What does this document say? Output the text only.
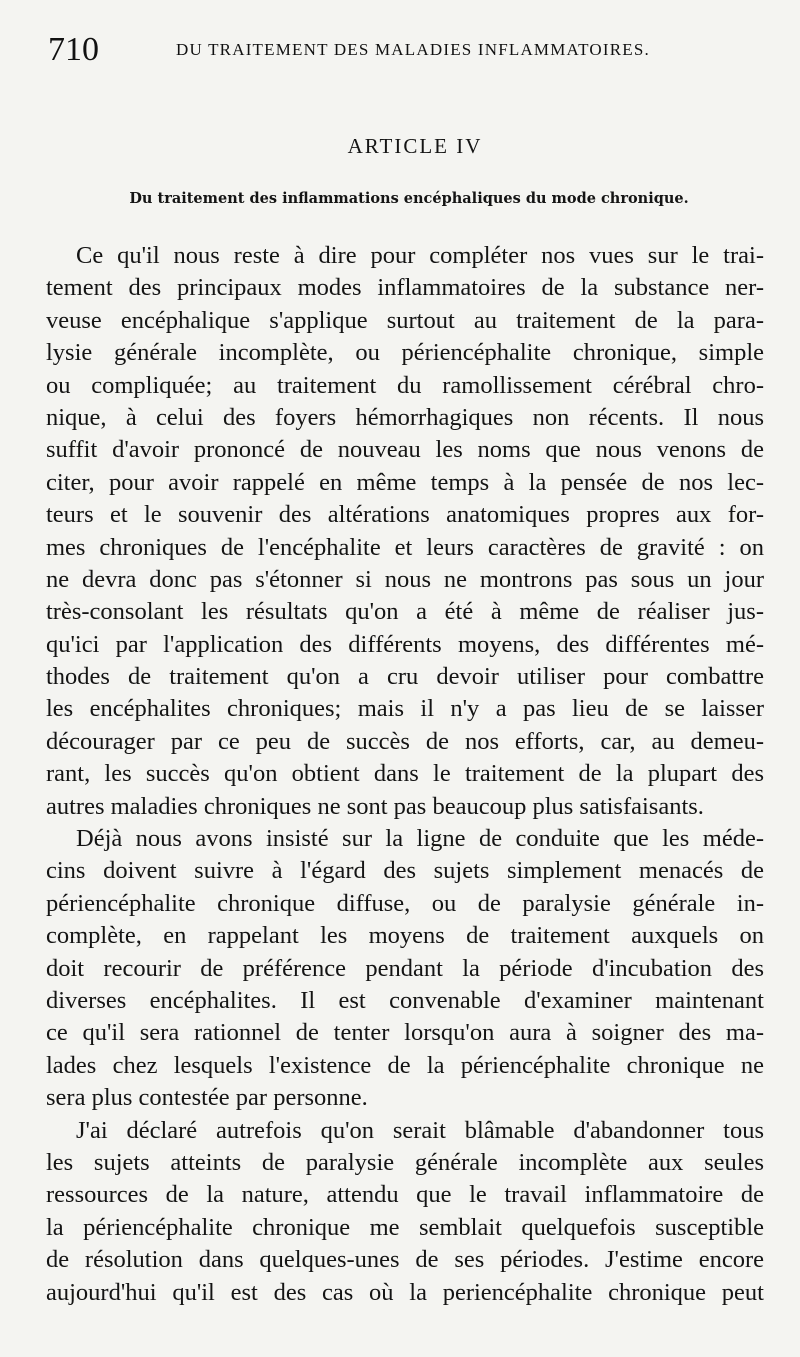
710	DU TRAITEMENT DES MALADIES INFLAMMATOIRES.
ARTICLE IV
Du traitement des inflammations encéphaliques du mode chronique.
Ce qu'il nous reste à dire pour compléter nos vues sur le trai-
tement des principaux modes inflammatoires de la substance ner-
veuse encéphalique s'applique surtout au traitement de la para-
lysie générale incomplète, ou périencéphalite chronique, simple
ou compliquée; au traitement du ramollissement cérébral chro-
nique, à celui des foyers hémorrhagiques non récents. Il nous
suffit d'avoir prononcé de nouveau les noms que nous venons de
citer, pour avoir rappelé en même temps à la pensée de nos lec-
teurs et le souvenir des altérations anatomiques propres aux for-
mes chroniques de l'encéphalite et leurs caractères de gravité : on
ne devra donc pas s'étonner si nous ne montrons pas sous un jour
très-consolant les résultats qu'on a été à même de réaliser jus-
qu'ici par l'application des différents moyens, des différentes mé-
thodes de traitement qu'on a cru devoir utiliser pour combattre
les encéphalites chroniques; mais il n'y a pas lieu de se laisser
décourager par ce peu de succès de nos efforts, car, au demeu-
rant, les succès qu'on obtient dans le traitement de la plupart des
autres maladies chroniques ne sont pas beaucoup plus satisfaisants.
Déjà nous avons insisté sur la ligne de conduite que les méde-
cins doivent suivre à l'égard des sujets simplement menacés de
périencéphalite chronique diffuse, ou de paralysie générale in-
complète, en rappelant les moyens de traitement auxquels on
doit recourir de préférence pendant la période d'incubation des
diverses encéphalites. Il est convenable d'examiner maintenant
ce qu'il sera rationnel de tenter lorsqu'on aura à soigner des ma-
lades chez lesquels l'existence de la périencéphalite chronique ne
sera plus contestée par personne.
J'ai déclaré autrefois qu'on serait blâmable d'abandonner tous
les sujets atteints de paralysie générale incomplète aux seules
ressources de la nature, attendu que le travail inflammatoire de
la périencéphalite chronique me semblait quelquefois susceptible
de résolution dans quelques-unes de ses périodes. J'estime encore
aujourd'hui qu'il est des cas où la periencéphalite chronique peut
